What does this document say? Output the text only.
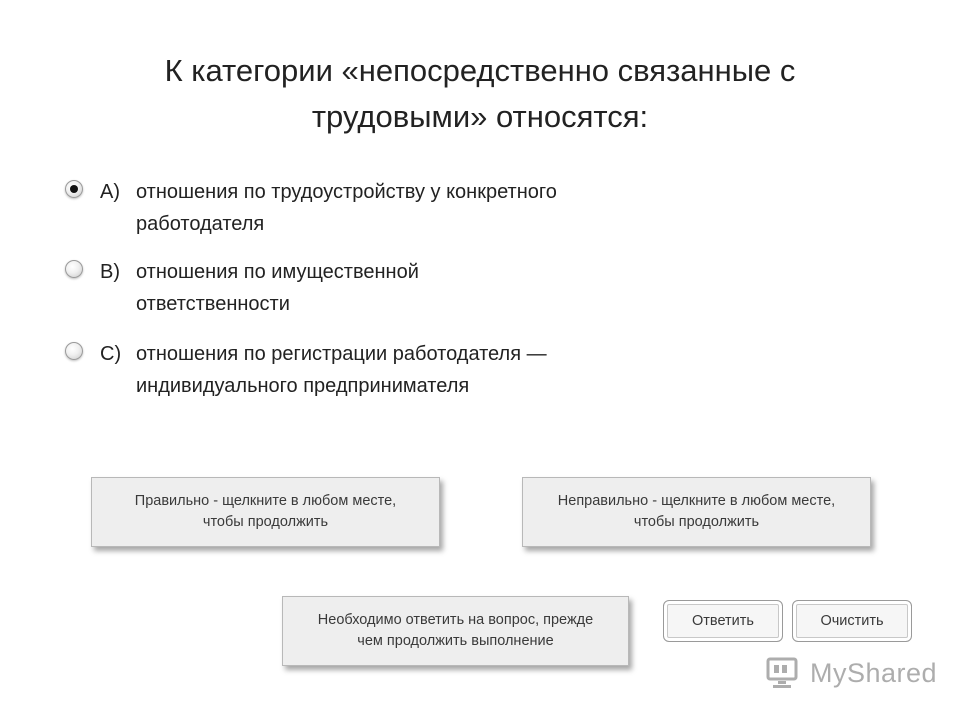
К категории «непосредственно связанные с
трудовыми» относятся:
A) отношения по трудоустройству у конкретного
работодателя
B) отношения по имущественной
ответственности
C) отношения по регистрации работодателя —
индивидуального предпринимателя
Правильно - щелкните в любом месте,
чтобы продолжить
Неправильно - щелкните в любом месте,
чтобы продолжить
Необходимо ответить на вопрос, прежде
чем продолжить выполнение
Ответить	Очистить
MyShared
